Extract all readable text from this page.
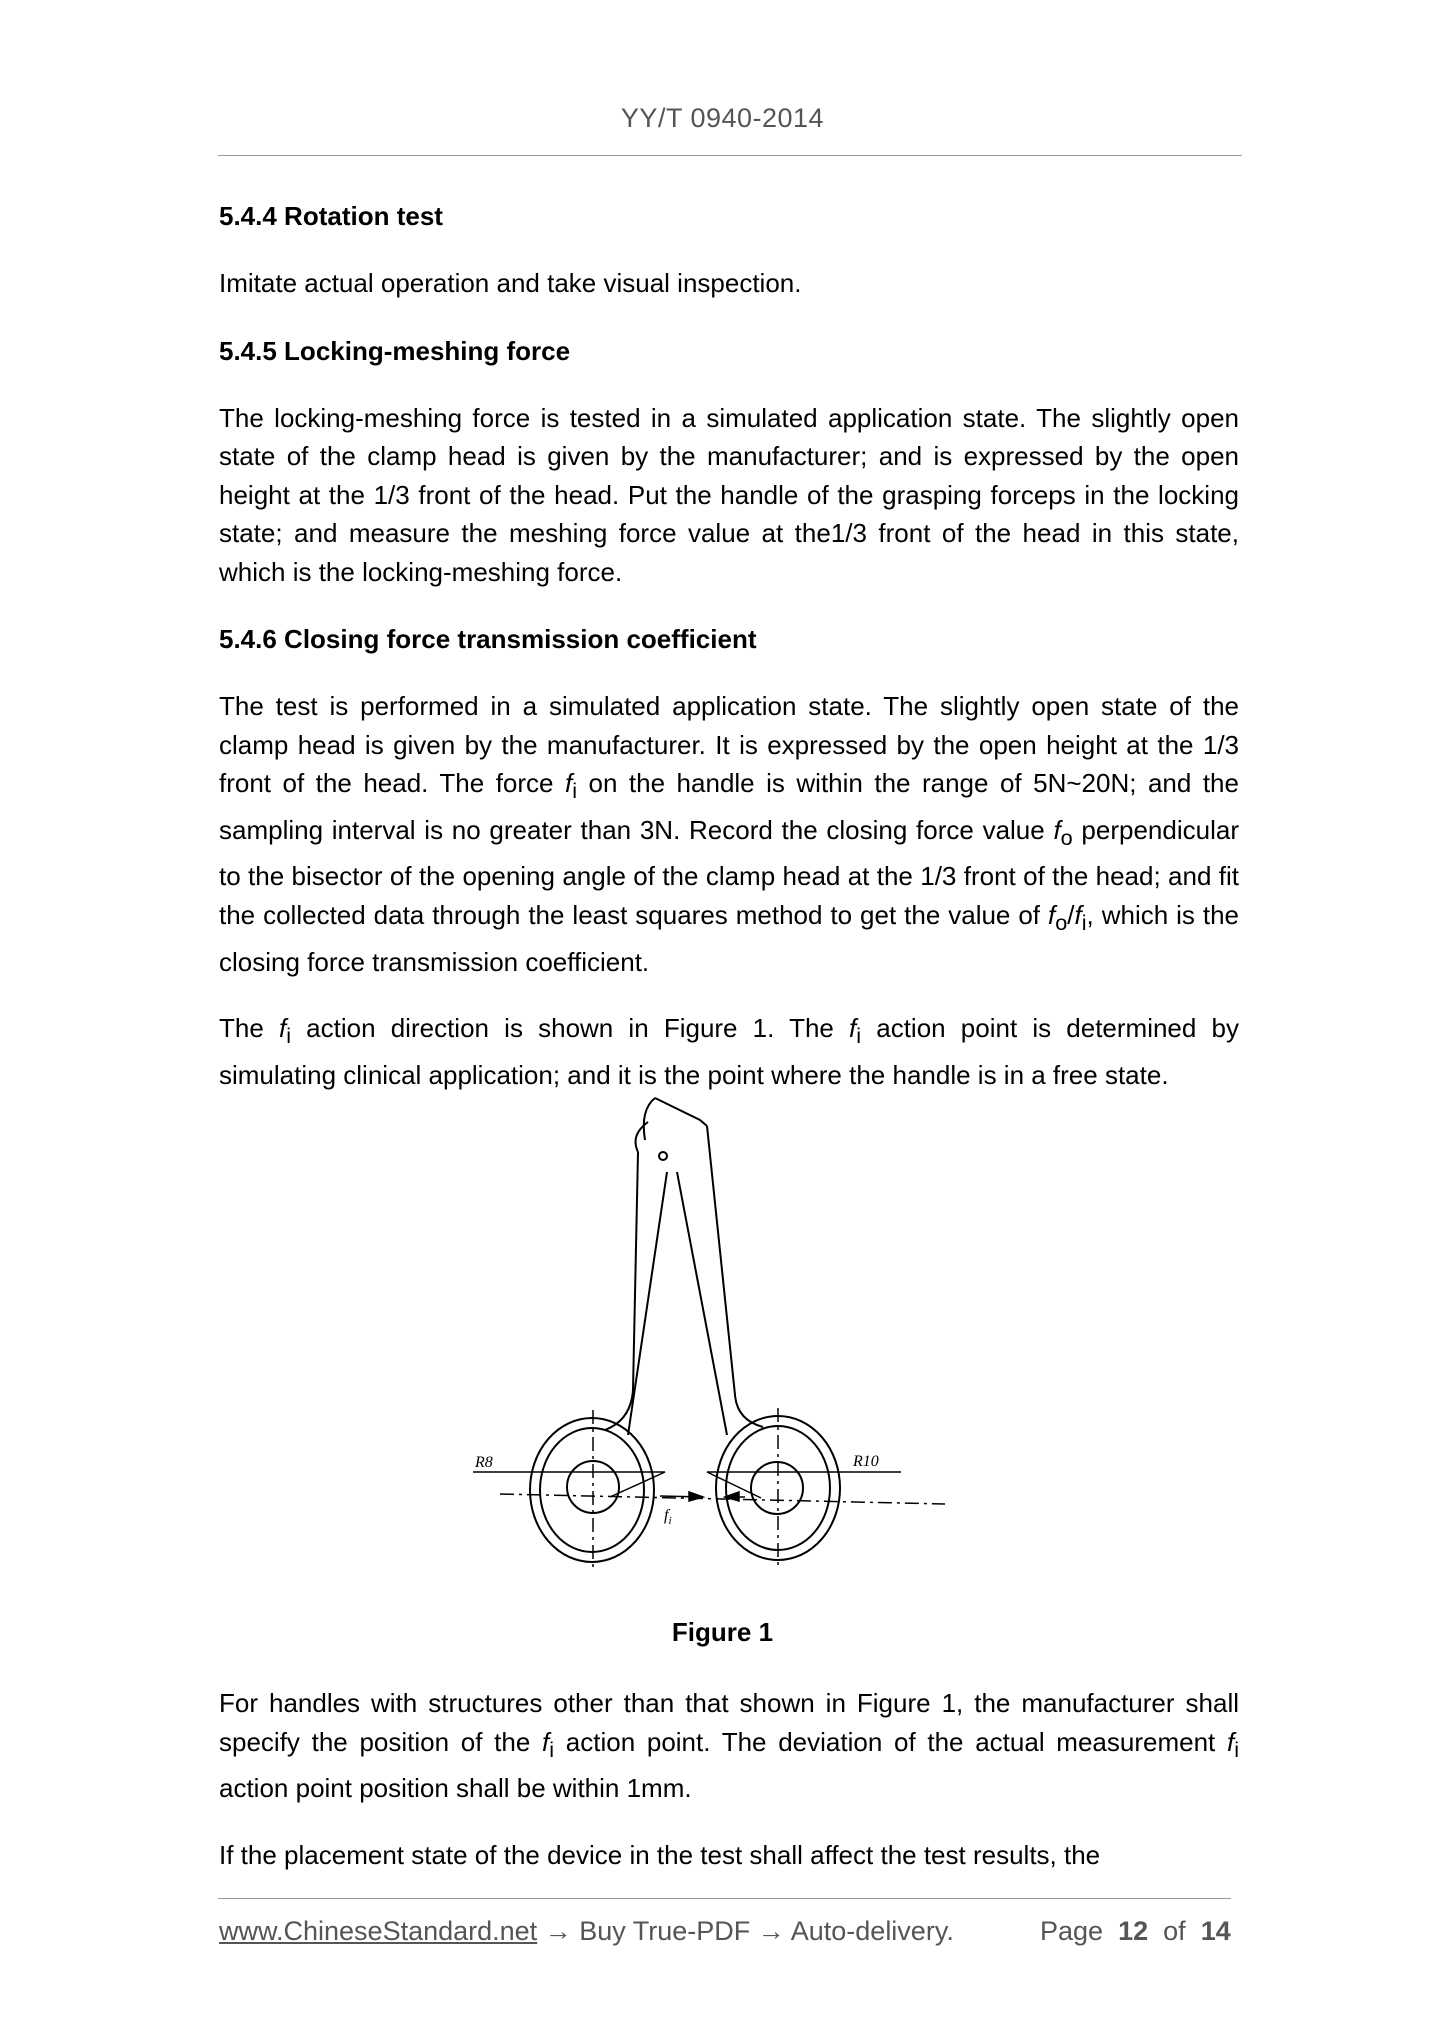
YY/T 0940-2014
5.4.4 Rotation test
Imitate actual operation and take visual inspection.
5.4.5 Locking-meshing force
The locking-meshing force is tested in a simulated application state. The slightly open state of the clamp head is given by the manufacturer; and is expressed by the open height at the 1/3 front of the head. Put the handle of the grasping forceps in the locking state; and measure the meshing force value at the1/3 front of the head in this state, which is the locking-meshing force.
5.4.6 Closing force transmission coefficient
The test is performed in a simulated application state. The slightly open state of the clamp head is given by the manufacturer. It is expressed by the open height at the 1/3 front of the head. The force $f_i$ on the handle is within the range of 5N~20N; and the sampling interval is no greater than 3N. Record the closing force value $f_o$ perpendicular to the bisector of the opening angle of the clamp head at the 1/3 front of the head; and fit the collected data through the least squares method to get the value of $f_o/f_i$, which is the closing force transmission coefficient.
The $f_i$ action direction is shown in Figure 1. The $f_i$ action point is determined by simulating clinical application; and it is the point where the handle is in a free state.
R8	R10
$f_i$
Figure 1
For handles with structures other than that shown in Figure 1, the manufacturer shall specify the position of the $f_i$ action point. The deviation of the actual measurement $f_i$ action point position shall be within 1mm.
If the placement state of the device in the test shall affect the test results, the
www.ChineseStandard.net → Buy True-PDF → Auto-delivery.	Page 12 of 14
